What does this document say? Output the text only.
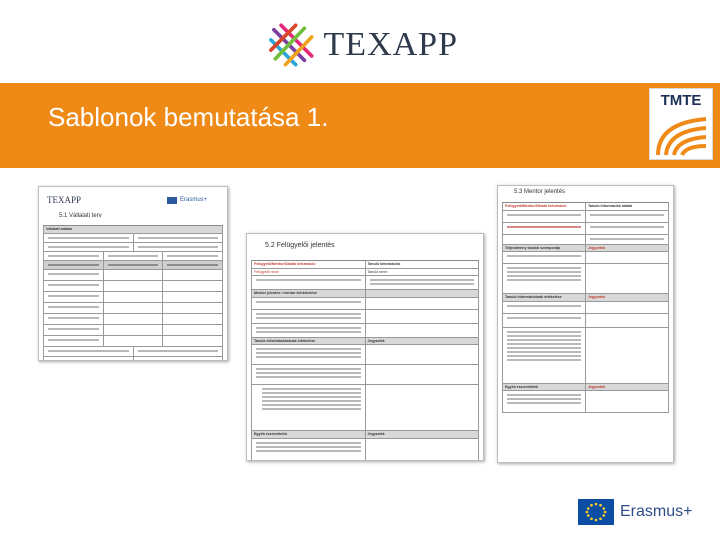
TEXAPP
Sablonok bemutatása 1.
TMTE
TEXAPP	Erasmus+
5.1 Vállalati terv
Vállalati adatok
5.2 Felügyelői jelentés
Felügyelő/Mentor/Oktató információ	Tanuló információk
Felügyelő neve:	Tanuló neve:
Mentor jelentés / mentor kiértékelése
Tanuló előrehaladásának értékelése	Jegyzetek
Egyéb észrevételek	Jegyzetek
5.3 Mentor jelentés
Felügyelő/Mentor/Oktató információ	Tanuló információk adatai
Teljesítmény tanulói szempontja	Jegyzetek
Tanuló információinak értékelése	Jegyzetek
Egyéb észrevételek	Jegyzetek
Erasmus+
